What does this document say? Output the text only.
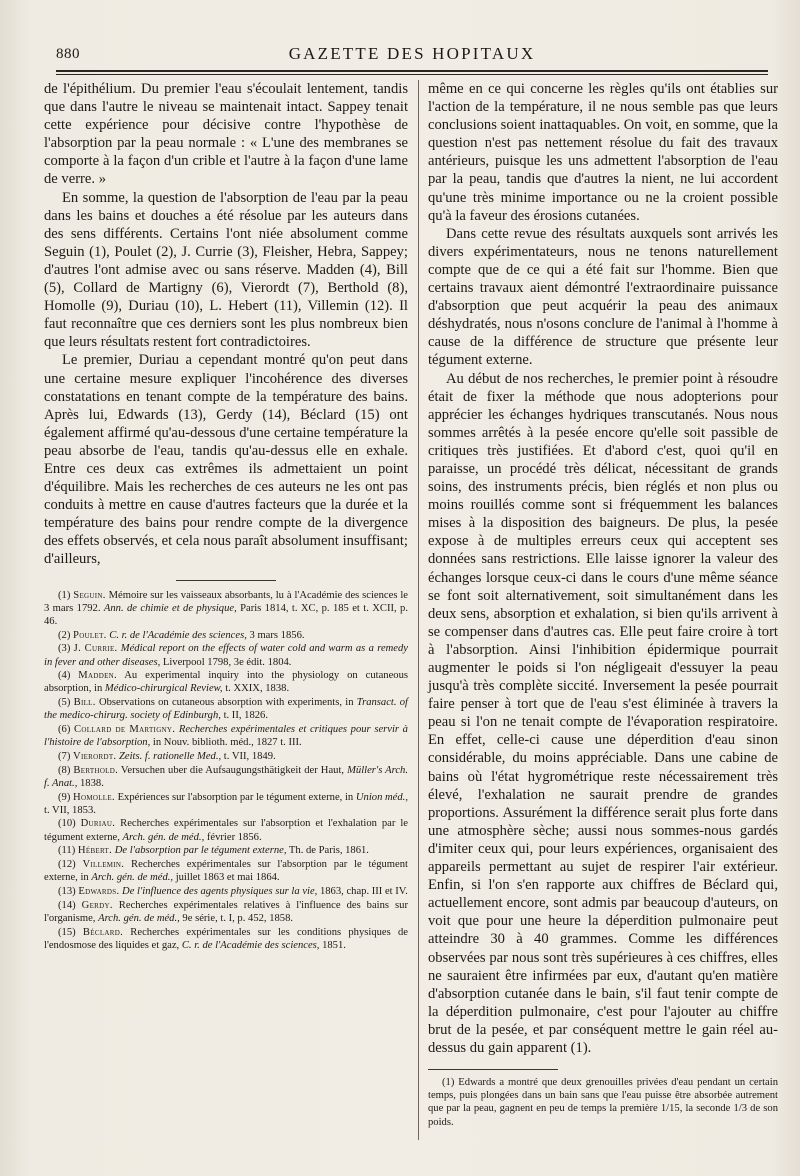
880	GAZETTE DES HOPITAUX

de l'épithélium. Du premier l'eau s'écoulait lentement, tandis que dans l'autre le niveau se maintenait intact. Sappey tenait cette expérience pour décisive contre l'hypothèse de l'absorption par la peau normale : « L'une des membranes se comporte à la façon d'un crible et l'autre à la façon d'une lame de verre. »

En somme, la question de l'absorption de l'eau par la peau dans les bains et douches a été résolue par les auteurs dans des sens différents. Certains l'ont niée absolument comme Seguin (1), Poulet (2), J. Currie (3), Fleisher, Hebra, Sappey; d'autres l'ont admise avec ou sans réserve. Madden (4), Bill (5), Collard de Martigny (6), Vierordt (7), Berthold (8), Homolle (9), Duriau (10), L. Hebert (11), Villemin (12). Il faut reconnaître que ces derniers sont les plus nombreux bien que leurs résultats restent fort contradictoires.

Le premier, Duriau a cependant montré qu'on peut dans une certaine mesure expliquer l'incohérence des diverses constatations en tenant compte de la température des bains. Après lui, Edwards (13), Gerdy (14), Béclard (15) ont également affirmé qu'au-dessous d'une certaine température la peau absorbe de l'eau, tandis qu'au-dessus elle en exhale. Entre ces deux cas extrêmes ils admettaient un point d'équilibre. Mais les recherches de ces auteurs ne les ont pas conduits à mettre en cause d'autres facteurs que la durée et la température des bains pour rendre compte de la divergence des effets observés, et cela nous paraît absolument insuffisant; d'ailleurs,

(1) Seguin. Mémoire sur les vaisseaux absorbants, lu à l'Académie des sciences le 3 mars 1792. Ann. de chimie et de physique, Paris 1814, t. XC, p. 185 et t. XCII, p. 46.

(2) Poulet. C. r. de l'Académie des sciences, 3 mars 1856.

(3) J. Currie. Médical report on the effects of water cold and warm as a remedy in fever and other diseases, Liverpool 1798, 3e édit. 1804.

(4) Madden. Au experimental inquiry into the physiology on cutaneous absorption, in Médico-chirurgical Review, t. XXIX, 1838.

(5) Bill. Observations on cutaneous absorption with experiments, in Transact. of the medico-chirurg. society of Edinburgh, t. II, 1826.

(6) Collard de Martigny. Recherches expérimentales et critiques pour servir à l'histoire de l'absorption, in Nouv. biblioth. méd., 1827 t. III.

(7) Vierordt. Zeits. f. rationelle Med., t. VII, 1849.

(8) Berthold. Versuchen uber die Aufsaugungsthätigkeit der Haut, Müller's Arch. f. Anat., 1838.

(9) Homolle. Expériences sur l'absorption par le tégument externe, in Union méd., t. VII, 1853.

(10) Duriau. Recherches expérimentales sur l'absorption et l'exhalation par le tégument externe, Arch. gén. de méd., février 1856.

(11) Hébert. De l'absorption par le tégument externe, Th. de Paris, 1861.

(12) Villemin. Recherches expérimentales sur l'absorption par le tégument externe, in Arch. gén. de méd., juillet 1863 et mai 1864.

(13) Edwards. De l'influence des agents physiques sur la vie, 1863, chap. III et IV.

(14) Gerdy. Recherches expérimentales relatives à l'influence des bains sur l'organisme, Arch. gén. de méd., 9e série, t. I, p. 452, 1858.

(15) Béclard. Recherches expérimentales sur les conditions physiques de l'endosmose des liquides et gaz, C. r. de l'Académie des sciences, 1851.

même en ce qui concerne les règles qu'ils ont établies sur l'action de la température, il ne nous semble pas que leurs conclusions soient inattaquables. On voit, en somme, que la question n'est pas nettement résolue du fait des travaux antérieurs, puisque les uns admettent l'absorption de l'eau par la peau, tandis que d'autres la nient, ne lui accordent qu'une très minime importance ou ne la croient possible qu'à la faveur des érosions cutanées.

Dans cette revue des résultats auxquels sont arrivés les divers expérimentateurs, nous ne tenons naturellement compte que de ce qui a été fait sur l'homme. Bien que certains travaux aient démontré l'extraordinaire puissance d'absorption que peut acquérir la peau des animaux déshydratés, nous n'osons conclure de l'animal à l'homme à cause de la différence de structure que présente leur tégument externe.

Au début de nos recherches, le premier point à résoudre était de fixer la méthode que nous adopterions pour apprécier les échanges hydriques transcutanés. Nous nous sommes arrêtés à la pesée encore qu'elle soit passible de critiques très justifiées. Et d'abord c'est, quoi qu'il en paraisse, un procédé très délicat, nécessitant de grands soins, des instruments précis, bien réglés et non plus ou moins rouillés comme sont si fréquemment les balances mises à la disposition des baigneurs. De plus, la pesée expose à de multiples erreurs ceux qui acceptent ses données sans restrictions. Elle laisse ignorer la valeur des échanges lorsque ceux-ci dans le cours d'une même séance se font soit alternativement, soit simultanément dans les deux sens, absorption et exhalation, si bien qu'ils arrivent à se compenser dans d'autres cas. Elle peut faire croire à tort à l'absorption. Ainsi l'inhibition épidermique pourrait augmenter le poids si l'on négligeait d'essuyer la peau jusqu'à très complète siccité. Inversement la pesée pourrait faire penser à tort que de l'eau s'est éliminée à travers la peau si l'on ne tenait compte de l'évaporation respiratoire. En effet, celle-ci cause une déperdition d'eau sinon considérable, du moins appréciable. Dans une cabine de bains où l'état hygrométrique reste nécessairement très élevé, l'exhalation ne saurait prendre de grandes proportions. Assurément la différence serait plus forte dans une atmosphère sèche; aussi nous sommes-nous gardés d'imiter ceux qui, pour leurs expériences, organisaient des appareils permettant au sujet de respirer l'air extérieur. Enfin, si l'on s'en rapporte aux chiffres de Béclard qui, actuellement encore, sont admis par beaucoup d'auteurs, on voit que pour une heure la déperdition pulmonaire peut atteindre 30 à 40 grammes. Comme les différences observées par nous sont très supérieures à ces chiffres, elles ne sauraient être infirmées par eux, d'autant qu'en matière d'absorption cutanée dans le bain, s'il faut tenir compte de la déperdition pulmonaire, c'est pour l'ajouter au chiffre brut de la pesée, et par conséquent mettre le gain réel au-dessus du gain apparent (1).

(1) Edwards a montré que deux grenouilles privées d'eau pendant un certain temps, puis plongées dans un bain sans que l'eau puisse être absorbée autrement que par la peau, gagnent en peu de temps la première 1/15, la seconde 1/3 de son poids.
